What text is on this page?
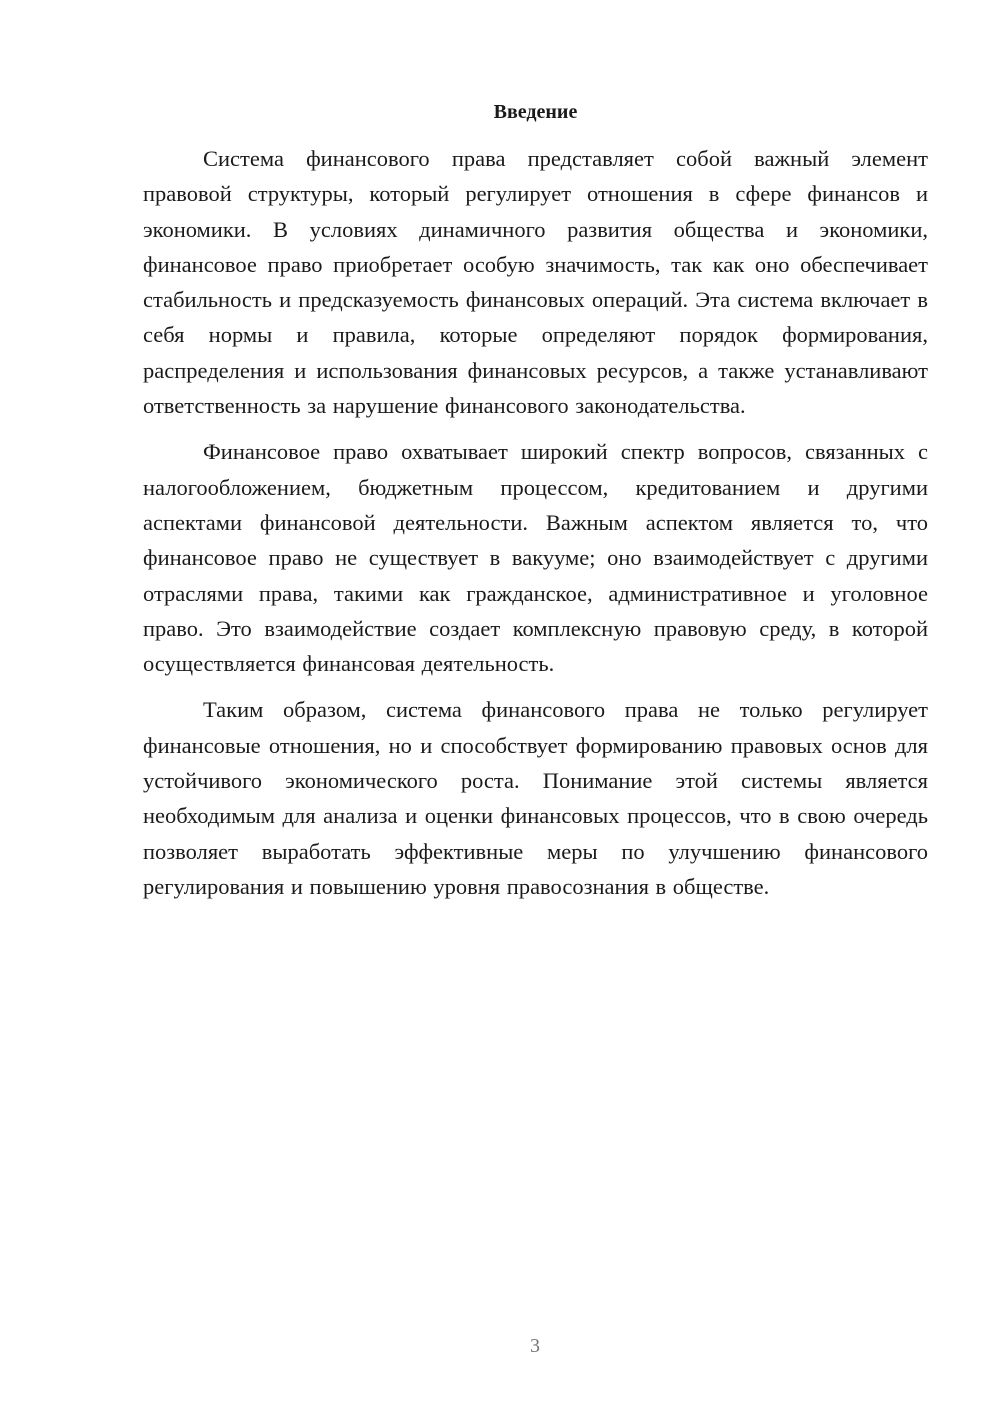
Введение

Система финансового права представляет собой важный элемент правовой структуры, который регулирует отношения в сфере финансов и экономики. В условиях динамичного развития общества и экономики, финансовое право приобретает особую значимость, так как оно обеспечивает стабильность и предсказуемость финансовых операций. Эта система включает в себя нормы и правила, которые определяют порядок формирования, распределения и использования финансовых ресурсов, а также устанавливают ответственность за нарушение финансового законодательства.

Финансовое право охватывает широкий спектр вопросов, связанных с налогообложением, бюджетным процессом, кредитованием и другими аспектами финансовой деятельности. Важным аспектом является то, что финансовое право не существует в вакууме; оно взаимодействует с другими отраслями права, такими как гражданское, административное и уголовное право. Это взаимодействие создает комплексную правовую среду, в которой осуществляется финансовая деятельность.

Таким образом, система финансового права не только регулирует финансовые отношения, но и способствует формированию правовых основ для устойчивого экономического роста. Понимание этой системы является необходимым для анализа и оценки финансовых процессов, что в свою очередь позволяет выработать эффективные меры по улучшению финансового регулирования и повышению уровня правосознания в обществе.

3
